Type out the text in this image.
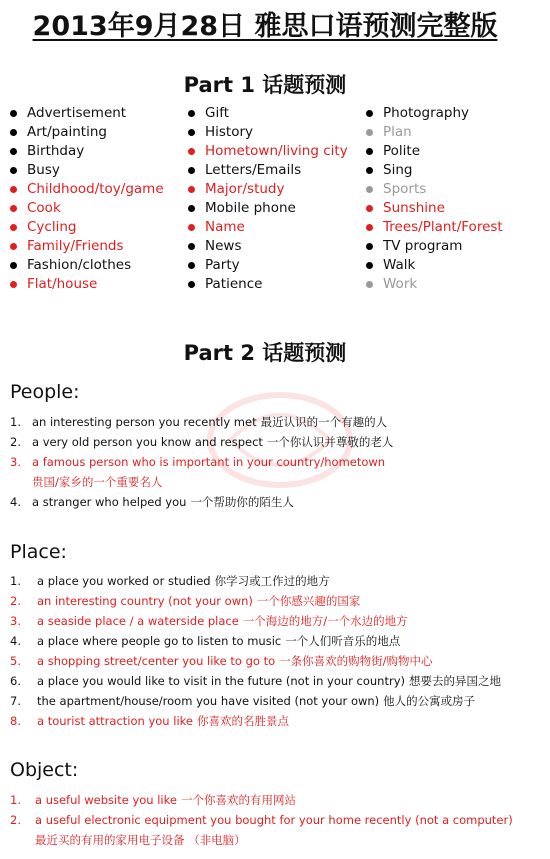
2013年9月28日 雅思口语预测完整版
Part 1 话题预测
Advertisement
Art/painting
Birthday
Busy
Childhood/toy/game
Cook
Cycling
Family/Friends
Fashion/clothes
Flat/house
Gift
History
Hometown/living city
Letters/Emails
Major/study
Mobile phone
Name
News
Party
Patience
Photography
Plan
Polite
Sing
Sports
Sunshine
Trees/Plant/Forest
TV program
Walk
Work
Part 2 话题预测
People:
1. an interesting person you recently met 最近认识的一个有趣的人
2. a very old person you know and respect 一个你认识并尊敬的老人
3. a famous person who is important in your country/hometown
贵国/家乡的一个重要名人
4. a stranger who helped you 一个帮助你的陌生人
Place:
1.	a place you worked or studied 你学习或工作过的地方
2.	an interesting country (not your own) 一个你感兴趣的国家
3.	a seaside place / a waterside place 一个海边的地方/一个水边的地方
4.	a place where people go to listen to music 一个人们听音乐的地点
5.	a shopping street/center you like to go to 一条你喜欢的购物街/购物中心
6.	a place you would like to visit in the future (not in your country) 想要去的异国之地
7.	the apartment/house/room you have visited (not your own) 他人的公寓或房子
8.	a tourist attraction you like 你喜欢的名胜景点
Object:
1.	a useful website you like 一个你喜欢的有用网站
2.	a useful electronic equipment you bought for your home recently (not a computer)
最近买的有用的家用电子设备 （非电脑）
